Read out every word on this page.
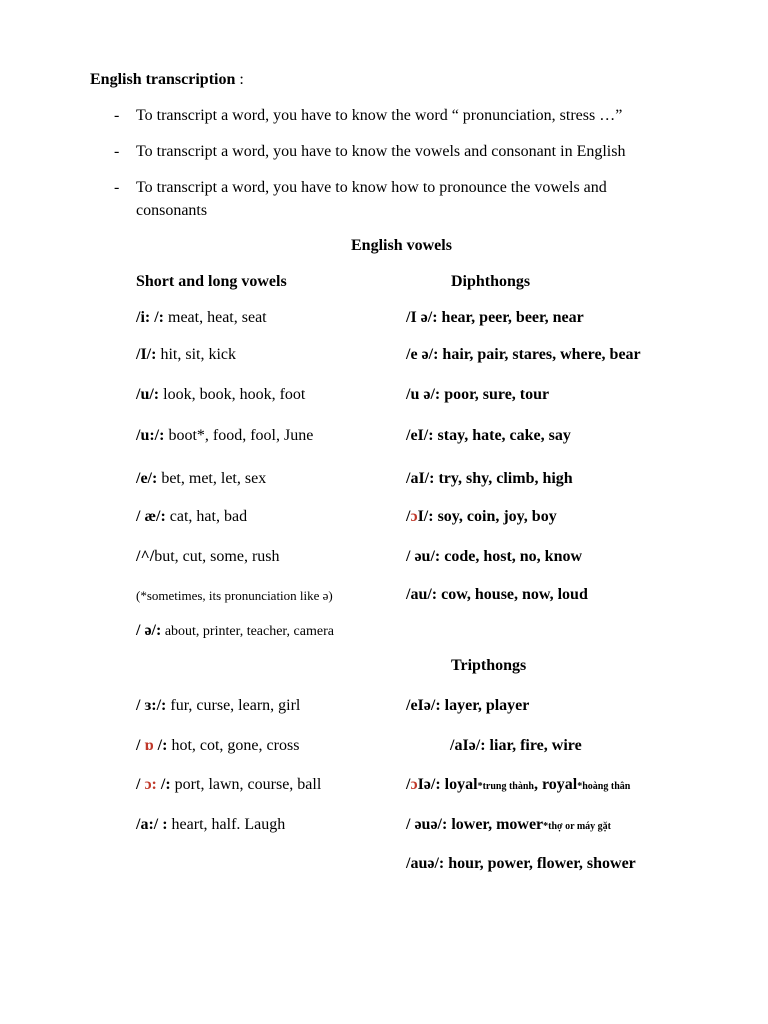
English transcription :
- To transcript a word, you have to know the word “ pronunciation, stress …”
- To transcript a word, you have to know the vowels and consonant in English
- To transcript a word, you have to know how to pronounce the vowels and
consonants
English vowels
Short and long vowels	Diphthongs
/i: /: meat, heat, seat
/I/: hit, sit, kick
/u/: look, book, hook, foot
/u:/: boot*, food, fool, June
/e/: bet, met, let, sex
/ æ/: cat, hat, bad
/^/but, cut, some, rush
(*sometimes, its pronunciation like ə)
/ ə/: about, printer, teacher, camera
/ ɜ:/: fur, curse, learn, girl
/ ɒ /: hot, cot, gone, cross
/ ɔ: /: port, lawn, course, ball
/a:/ : heart, half. Laugh
/I ə/: hear, peer, beer, near
/e ə/: hair, pair, stares, where, bear
/u ə/: poor, sure, tour
/eI/: stay, hate, cake, say
/aI/: try, shy, climb, high
/ɔI/: soy, coin, joy, boy
/ əu/: code, host, no, know
/au/: cow, house, now, loud
Tripthongs
/eIə/: layer, player
/aIə/: liar, fire, wire
/ɔIə/: loyal*trung thành, royal*hoàng thân
/ əuə/: lower, mower*thợ or máy gặt
/auə/: hour, power, flower, shower
